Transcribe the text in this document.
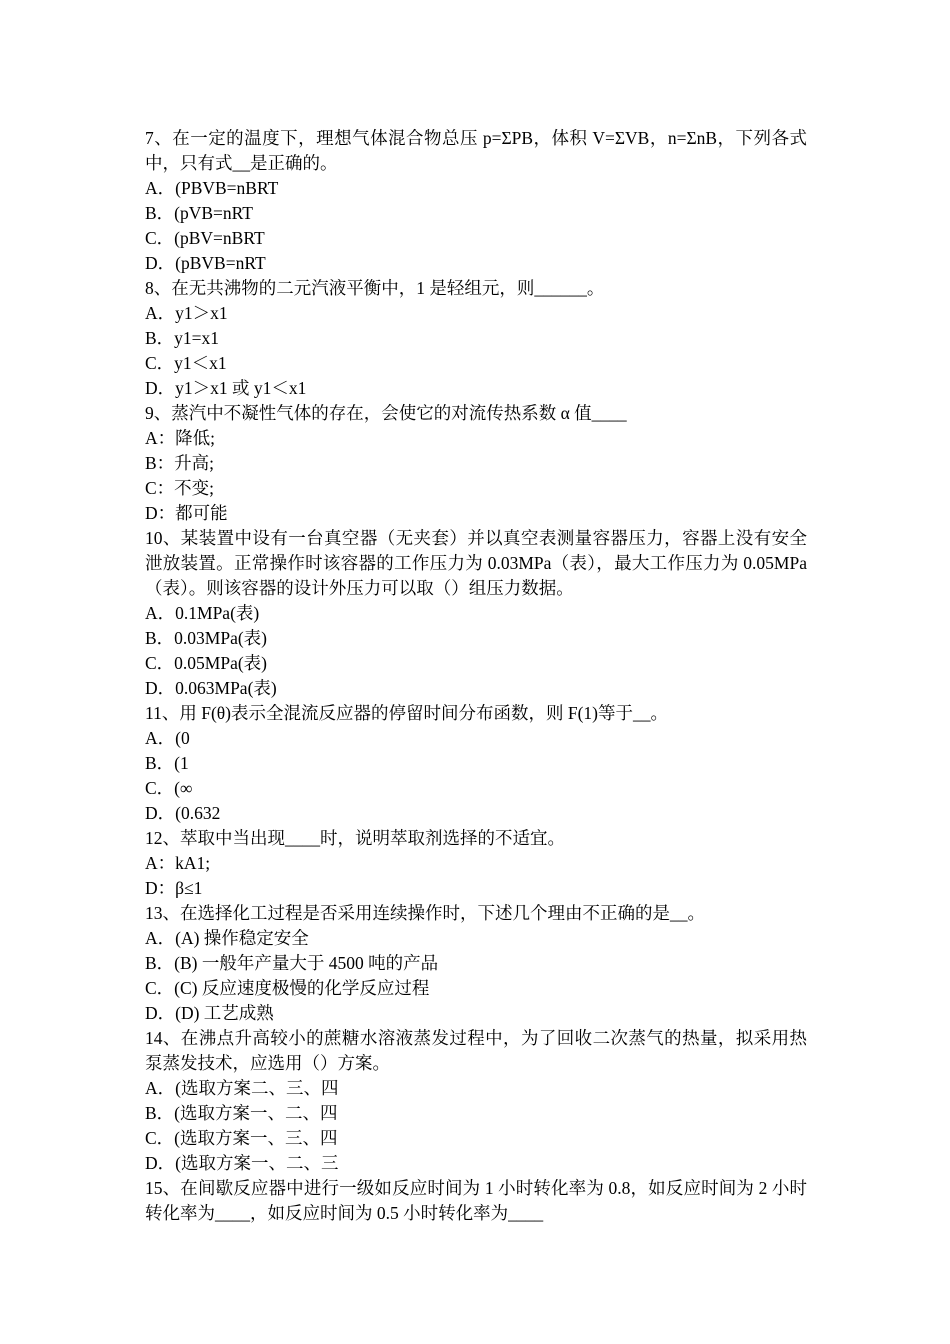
7、在一定的温度下，理想气体混合物总压 p=ΣPB，体积 V=ΣVB，n=ΣnB，下列各式中，只有式__是正确的。

A．(PBVB=nBRT

B．(pVB=nRT

C．(pBV=nBRT

D．(pBVB=nRT

8、在无共沸物的二元汽液平衡中，1 是轻组元，则______。

A．y1＞x1

B．y1=x1

C．y1＜x1

D．y1＞x1 或 y1＜x1

9、蒸汽中不凝性气体的存在，会使它的对流传热系数 α 值____

A：降低;

B：升高;

C：不变;

D：都可能

10、某装置中设有一台真空器（无夹套）并以真空表测量容器压力，容器上没有安全泄放装置。正常操作时该容器的工作压力为 0.03MPa（表），最大工作压力为 0.05MPa（表）。则该容器的设计外压力可以取（）组压力数据。

A．0.1MPa(表)

B．0.03MPa(表)

C．0.05MPa(表)

D．0.063MPa(表)

11、用 F(θ)表示全混流反应器的停留时间分布函数，则 F(1)等于__。

A．(0

B．(1

C．(∞

D．(0.632

12、萃取中当出现____时，说明萃取剂选择的不适宜。

A：kA1;

D：β≤1

13、在选择化工过程是否采用连续操作时，下述几个理由不正确的是__。

A．(A) 操作稳定安全

B．(B) 一般年产量大于 4500 吨的产品

C．(C) 反应速度极慢的化学反应过程

D．(D) 工艺成熟

14、在沸点升高较小的蔗糖水溶液蒸发过程中，为了回收二次蒸气的热量，拟采用热泵蒸发技术，应选用（）方案。

A．(选取方案二、三、四

B．(选取方案一、二、四

C．(选取方案一、三、四

D．(选取方案一、二、三

15、在间歇反应器中进行一级如反应时间为 1 小时转化率为 0.8，如反应时间为 2 小时转化率为____，如反应时间为 0.5 小时转化率为____
